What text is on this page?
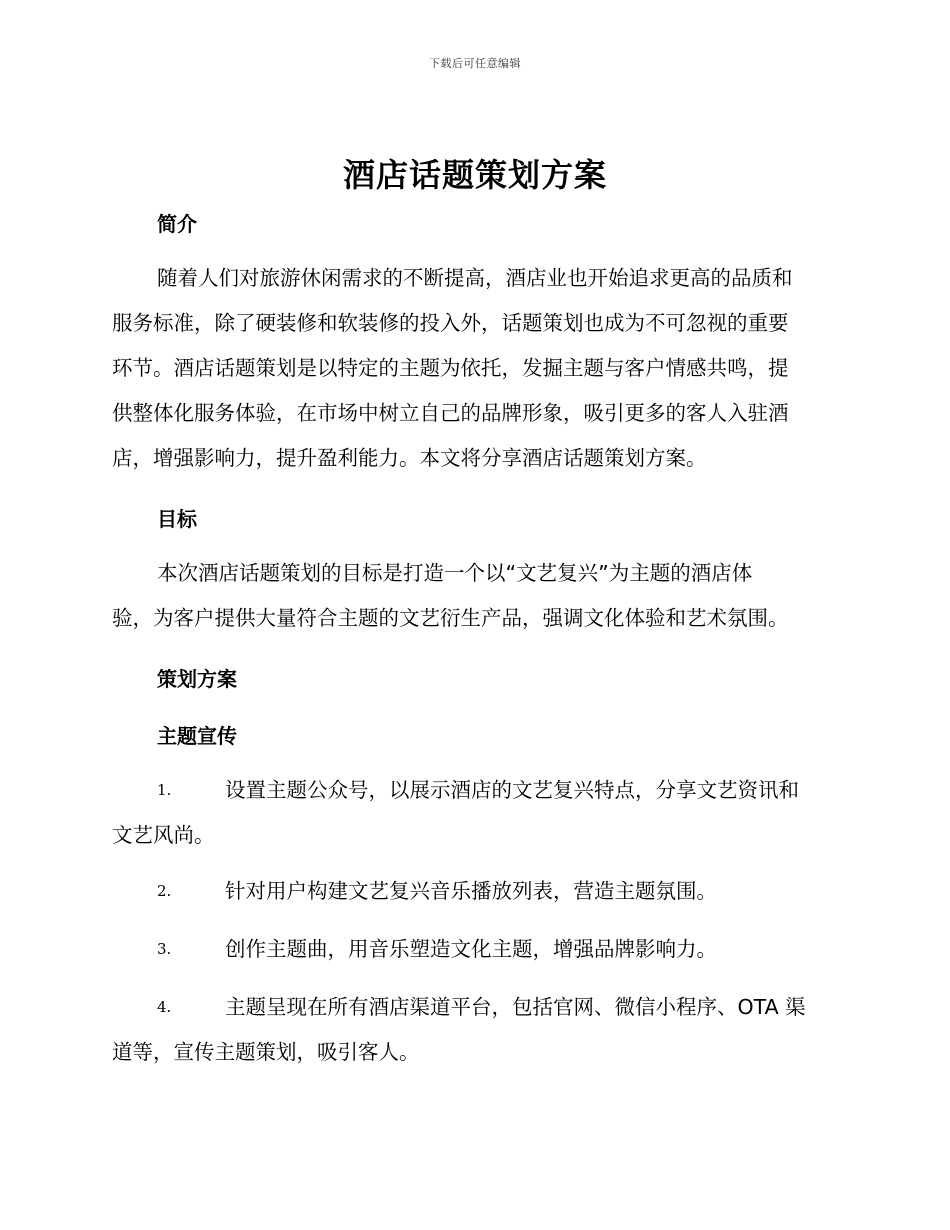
下载后可任意编辑
酒店话题策划方案
简介
随着人们对旅游休闲需求的不断提高，酒店业也开始追求更高的品质和
服务标准，除了硬装修和软装修的投入外，话题策划也成为不可忽视的重要
环节。酒店话题策划是以特定的主题为依托，发掘主题与客户情感共鸣，提
供整体化服务体验，在市场中树立自己的品牌形象，吸引更多的客人入驻酒
店，增强影响力，提升盈利能力。本文将分享酒店话题策划方案。
目标
本次酒店话题策划的目标是打造一个以“文艺复兴”为主题的酒店体
验，为客户提供大量符合主题的文艺衍生产品，强调文化体验和艺术氛围。
策划方案
主题宣传
1.	设置主题公众号，以展示酒店的文艺复兴特点，分享文艺资讯和
文艺风尚。
2.	针对用户构建文艺复兴音乐播放列表，营造主题氛围。
3.	创作主题曲，用音乐塑造文化主题，增强品牌影响力。
4.	主题呈现在所有酒店渠道平台，包括官网、微信小程序、OTA 渠
道等，宣传主题策划，吸引客人。
